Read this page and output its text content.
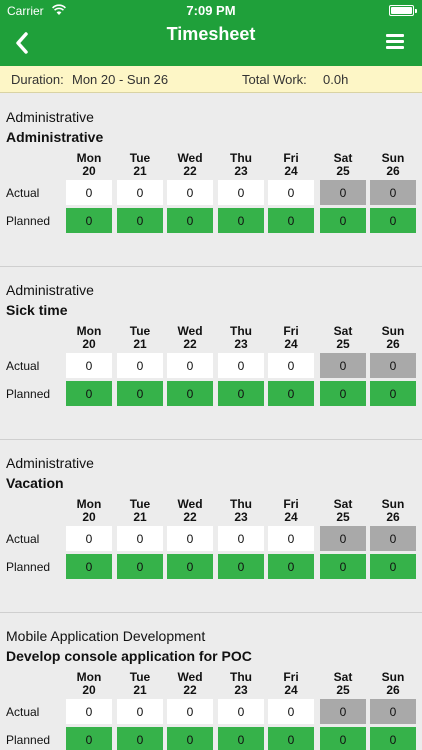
Carrier	7:09 PM
Timesheet
Duration: Mon 20 - Sun 26	Total Work: 0.0h
Administrative
Administrative
Actual
Planned
Mon
20
0
0
Tue
21
0
0
Wed
22
0
0
Thu
23
0
0
Fri
24
0
0
Sat
25
0
0
Sun
26
0
0
Administrative
Sick time
Actual
Planned
Mon
20
0
0
Tue
21
0
0
Wed
22
0
0
Thu
23
0
0
Fri
24
0
0
Sat
25
0
0
Sun
26
0
0
Administrative
Vacation
Actual
Planned
Mon
20
0
0
Tue
21
0
0
Wed
22
0
0
Thu
23
0
0
Fri
24
0
0
Sat
25
0
0
Sun
26
0
0
Mobile Application Development
Develop console application for POC
Actual
Planned
Mon
20
0
0
Tue
21
0
0
Wed
22
0
0
Thu
23
0
0
Fri
24
0
0
Sat
25
0
0
Sun
26
0
0
